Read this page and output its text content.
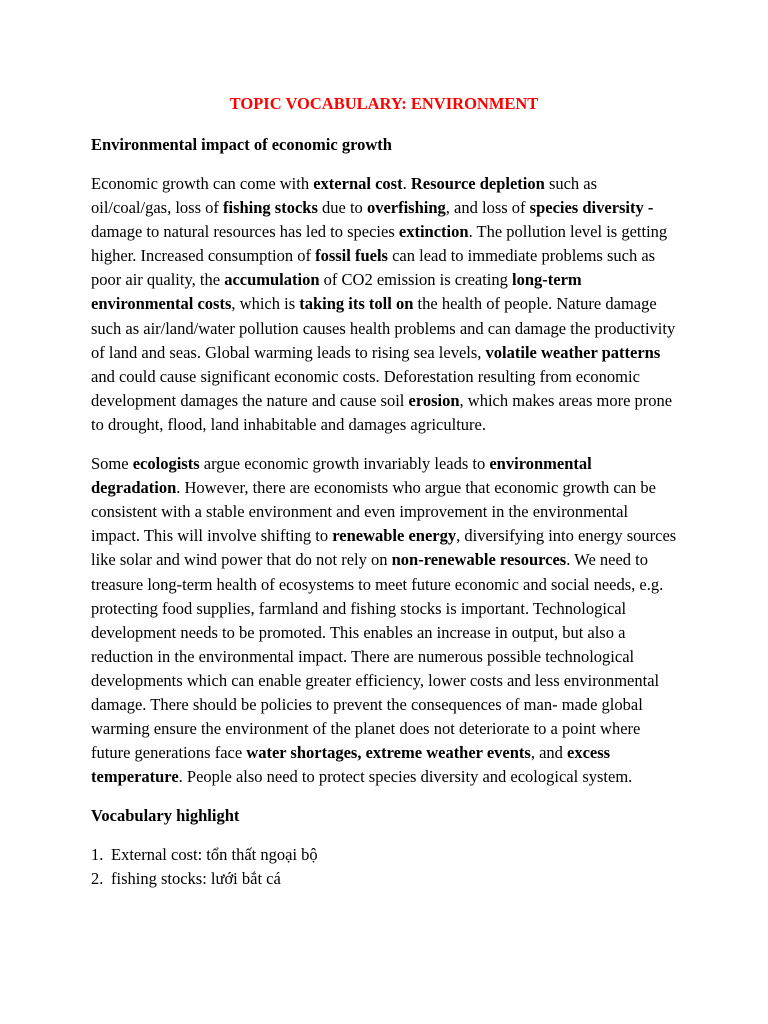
TOPIC VOCABULARY: ENVIRONMENT
Environmental impact of economic growth

Economic growth can come with external cost. Resource depletion such as oil/coal/gas, loss of fishing stocks due to overfishing, and loss of species diversity - damage to natural resources has led to species extinction. The pollution level is getting higher. Increased consumption of fossil fuels can lead to immediate problems such as poor air quality, the accumulation of CO2 emission is creating long-term environmental costs, which is taking its toll on the health of people. Nature damage such as air/land/water pollution causes health problems and can damage the productivity of land and seas. Global warming leads to rising sea levels, volatile weather patterns and could cause significant economic costs. Deforestation resulting from economic development damages the nature and cause soil erosion, which makes areas more prone to drought, flood, land inhabitable and damages agriculture.

Some ecologists argue economic growth invariably leads to environmental degradation. However, there are economists who argue that economic growth can be consistent with a stable environment and even improvement in the environmental impact. This will involve shifting to renewable energy, diversifying into energy sources like solar and wind power that do not rely on non-renewable resources. We need to treasure long-term health of ecosystems to meet future economic and social needs, e.g. protecting food supplies, farmland and fishing stocks is important. Technological development needs to be promoted. This enables an increase in output, but also a reduction in the environmental impact. There are numerous possible technological developments which can enable greater efficiency, lower costs and less environmental damage. There should be policies to prevent the consequences of man- made global warming ensure the environment of the planet does not deteriorate to a point where future generations face water shortages, extreme weather events, and excess temperature. People also need to protect species diversity and ecological system.

Vocabulary highlight
1. External cost: tổn thất ngoại bộ
2. fishing stocks: lưới bắt cá
